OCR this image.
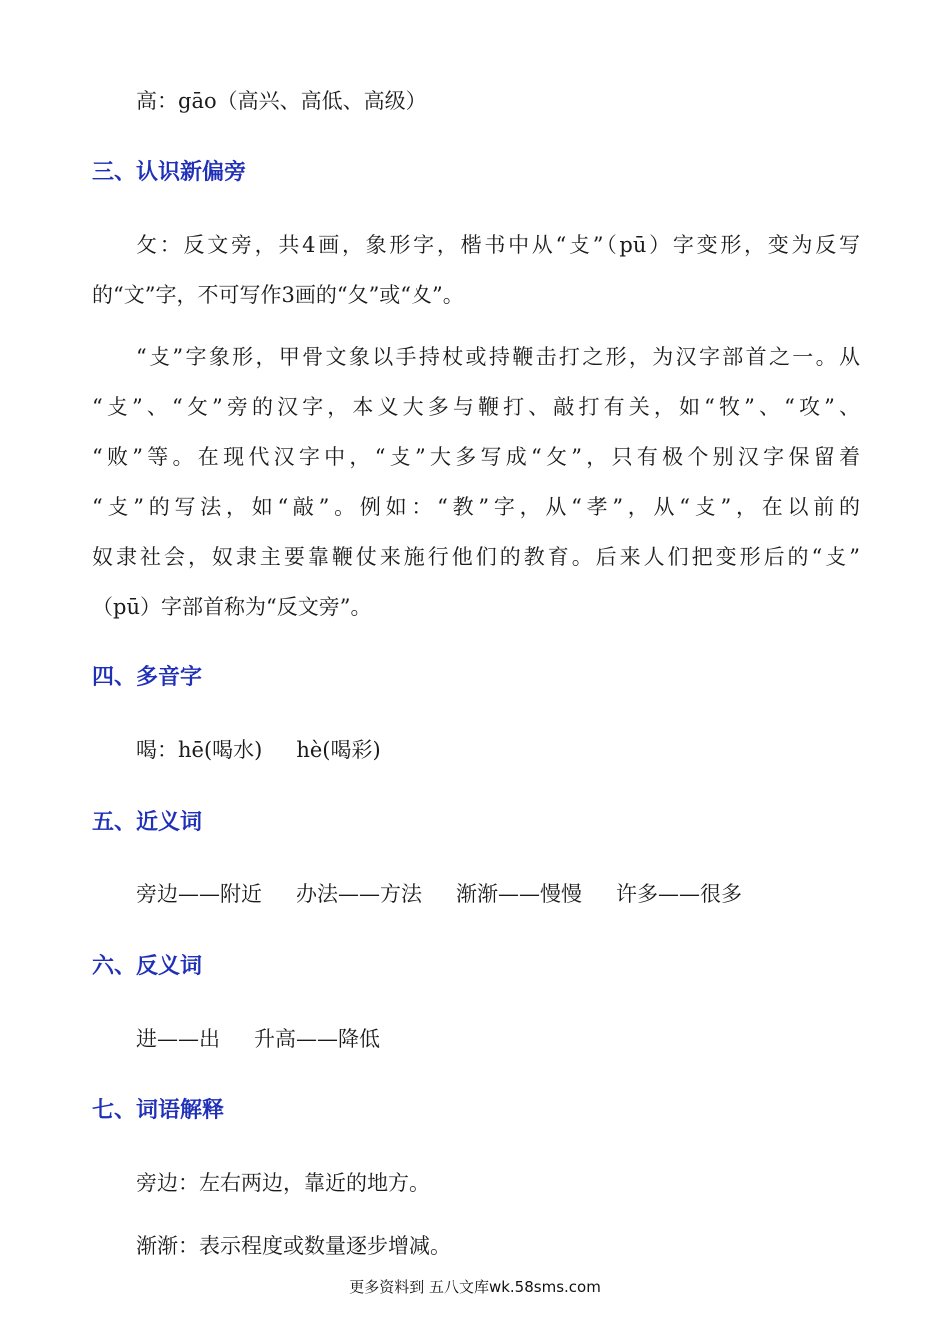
高：gāo（高兴、高低、高级）
三、认识新偏旁
攵：反文旁，共4画，象形字，楷书中从“攴”（pū）字变形，变为反写
的“文”字，不可写作3画的“夂”或“夊”。
“攴”字象形，甲骨文象以手持杖或持鞭击打之形，为汉字部首之一。从
“攴”、“攵”旁的汉字，本义大多与鞭打、敲打有关，如“牧”、“攻”、
“败”等。在现代汉字中，“攴”大多写成“攵”，只有极个别汉字保留着
“攴”的写法，如“敲”。例如：“教”字，从“孝”，从“攴”，在以前的
奴隶社会，奴隶主要靠鞭仗来施行他们的教育。后来人们把变形后的“攴”
（pū）字部首称为“反文旁”。
四、多音字
喝：hē(喝水) hè(喝彩)
五、近义词
旁边——附近 办法——方法 渐渐——慢慢 许多——很多
六、反义词
进——出 升高——降低
七、词语解释
旁边：左右两边，靠近的地方。
渐渐：表示程度或数量逐步增减。
更多资料到 五八文库wk.58sms.com
